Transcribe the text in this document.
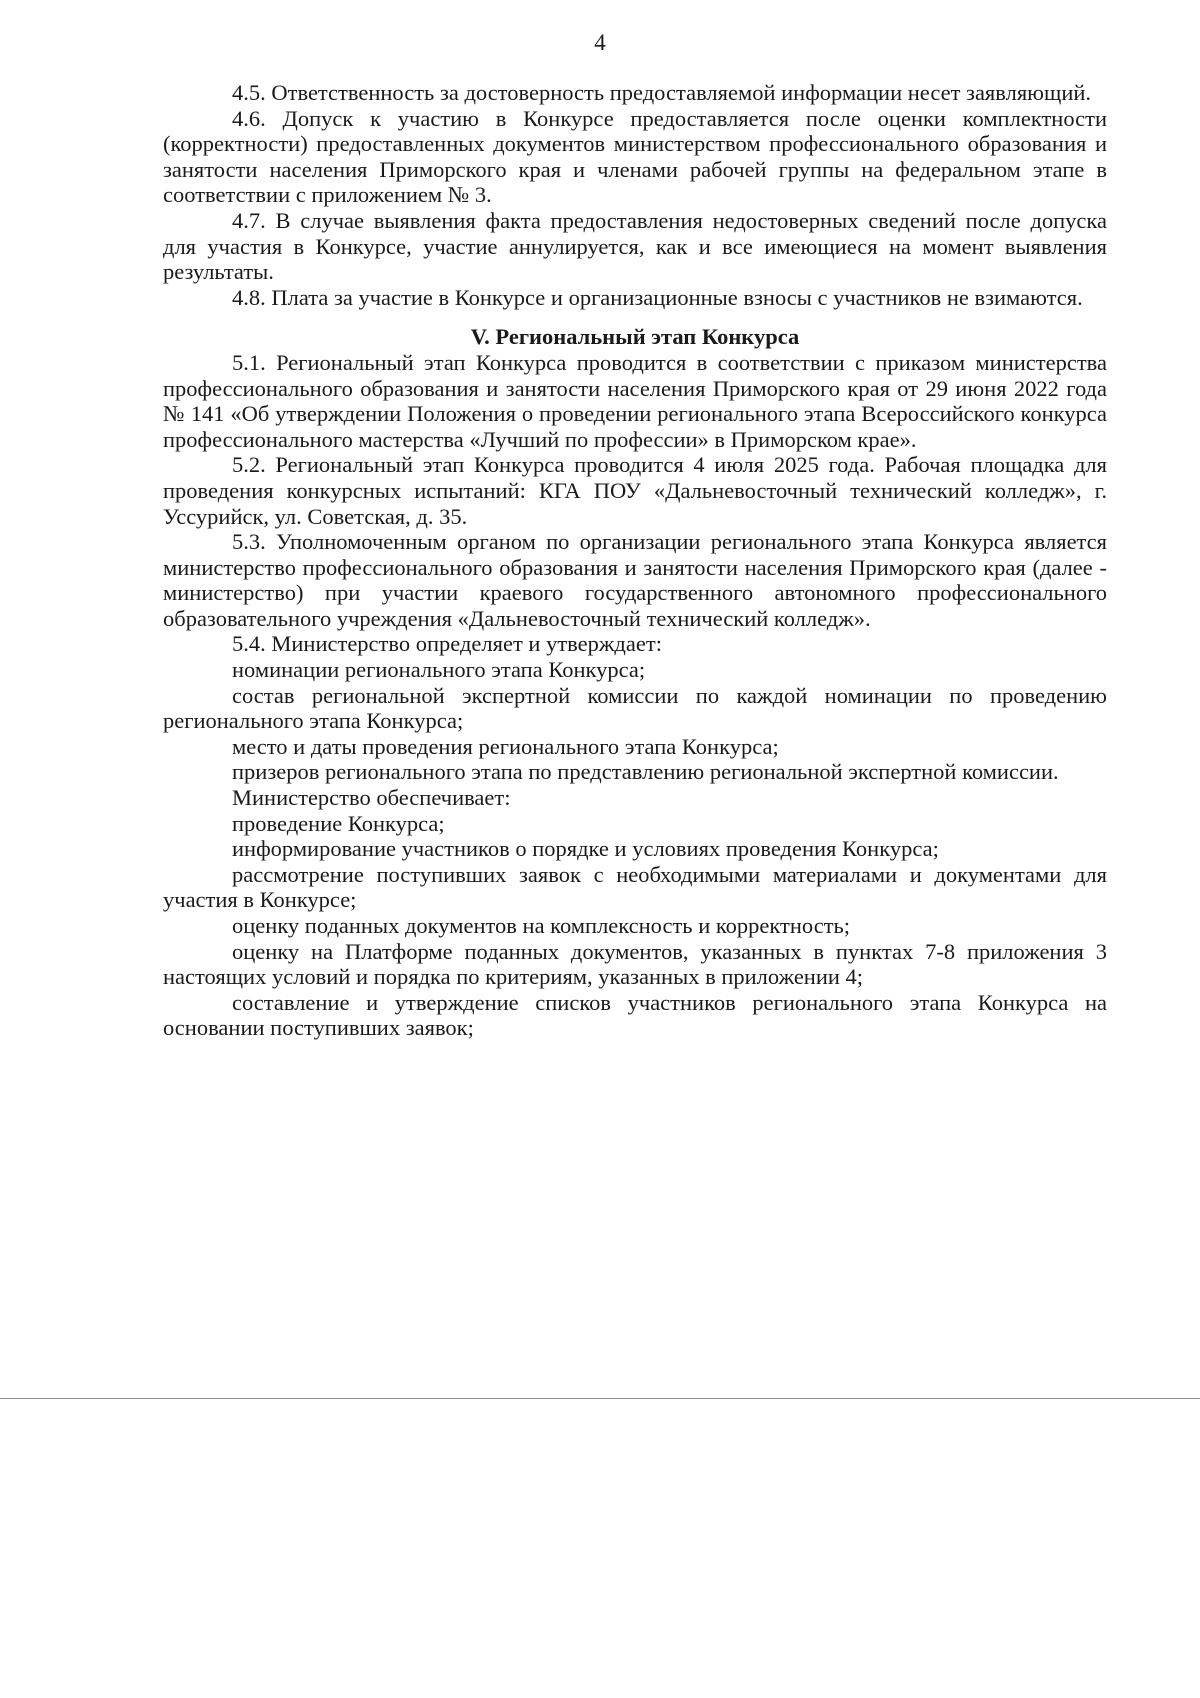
4

4.5. Ответственность за достоверность предоставляемой информации несет заявляющий.

4.6. Допуск к участию в Конкурсе предоставляется после оценки комплектности (корректности) предоставленных документов министерством профессионального образования и занятости населения Приморского края и членами рабочей группы на федеральном этапе в соответствии с приложением № 3.

4.7. В случае выявления факта предоставления недостоверных сведений после допуска для участия в Конкурсе, участие аннулируется, как и все имеющиеся на момент выявления результаты.

4.8. Плата за участие в Конкурсе и организационные взносы с участников не взимаются.

V. Региональный этап Конкурса

5.1. Региональный этап Конкурса проводится в соответствии с приказом министерства профессионального образования и занятости населения Приморского края от 29 июня 2022 года № 141 «Об утверждении Положения о проведении регионального этапа Всероссийского конкурса профессионального мастерства «Лучший по профессии» в Приморском крае».

5.2. Региональный этап Конкурса проводится 4 июля 2025 года. Рабочая площадка для проведения конкурсных испытаний: КГА ПОУ «Дальневосточный технический колледж», г. Уссурийск, ул. Советская, д. 35.

5.3. Уполномоченным органом по организации регионального этапа Конкурса является министерство профессионального образования и занятости населения Приморского края (далее - министерство) при участии краевого государственного автономного профессионального образовательного учреждения «Дальневосточный технический колледж».

5.4. Министерство определяет и утверждает:

номинации регионального этапа Конкурса;

состав региональной экспертной комиссии по каждой номинации по проведению регионального этапа Конкурса;

место и даты проведения регионального этапа Конкурса;

призеров регионального этапа по представлению региональной экспертной комиссии.

Министерство обеспечивает:

проведение Конкурса;

информирование участников о порядке и условиях проведения Конкурса;

рассмотрение поступивших заявок с необходимыми материалами и документами для участия в Конкурсе;

оценку поданных документов на комплексность и корректность;

оценку на Платформе поданных документов, указанных в пунктах 7-8 приложения 3 настоящих условий и порядка по критериям, указанных в приложении 4;

составление и утверждение списков участников регионального этапа Конкурса на основании поступивших заявок;
